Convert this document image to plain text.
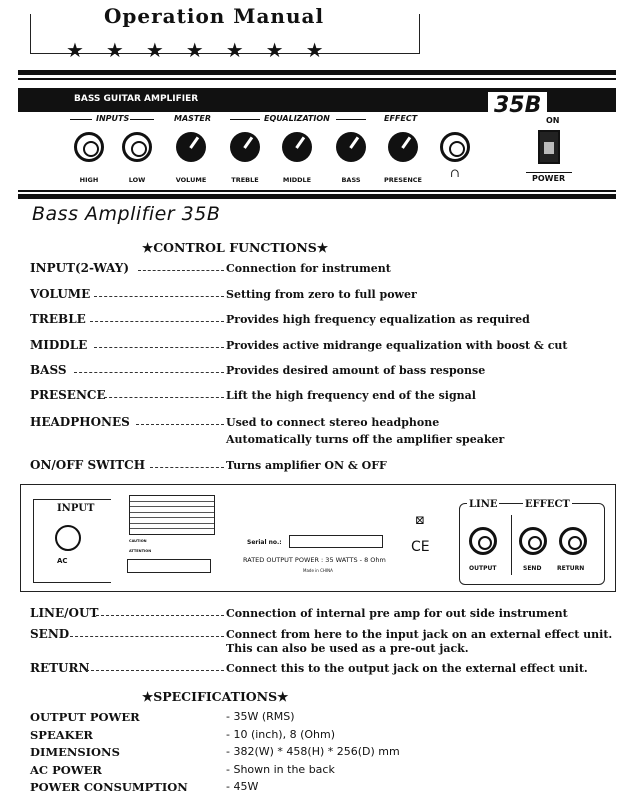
Operation Manual
★★★★★★★
BASS GUITAR AMPLIFIER	35B
ON
INPUTS	MASTER	EQUALIZATION	EFFECT
∩
HIGH	LOW	VOLUME	TREBLE	MIDDLE	BASS	PRESENCE	POWER
Bass Amplifier 35B
★CONTROL FUNCTIONS★
INPUT(2-WAY)	Connection for instrument
VOLUME	Setting from zero to full power
TREBLE	Provides high frequency equalization as required
MIDDLE	Provides active midrange equalization with boost & cut
BASS	Provides desired amount of bass response
PRESENCE	Lift the high frequency end of the signal
HEADPHONES	Used to connect stereo headphone
Automatically turns off the amplifier speaker
ON/OFF SWITCH	Turns amplifier ON & OFF
INPUT
AC
CAUTION
ATTENTION
Serial no.:
RATED OUTPUT POWER : 35 WATTS - 8 Ohm
Made in CHINA
⊠
CE
LINE	EFFECT
OUTPUT	SEND	RETURN
LINE/OUT	Connection of internal pre amp for out side instrument
SEND	Connect from here to the input jack on an external effect unit.
This can also be used as a pre-out jack.
RETURN	Connect this to the output jack on the external effect unit.
★SPECIFICATIONS★
OUTPUT POWER	- 35W (RMS)
SPEAKER	- 10 (inch), 8 (Ohm)
DIMENSIONS	- 382(W) * 458(H) * 256(D) mm
AC POWER	- Shown in the back
POWER CONSUMPTION	- 45W
